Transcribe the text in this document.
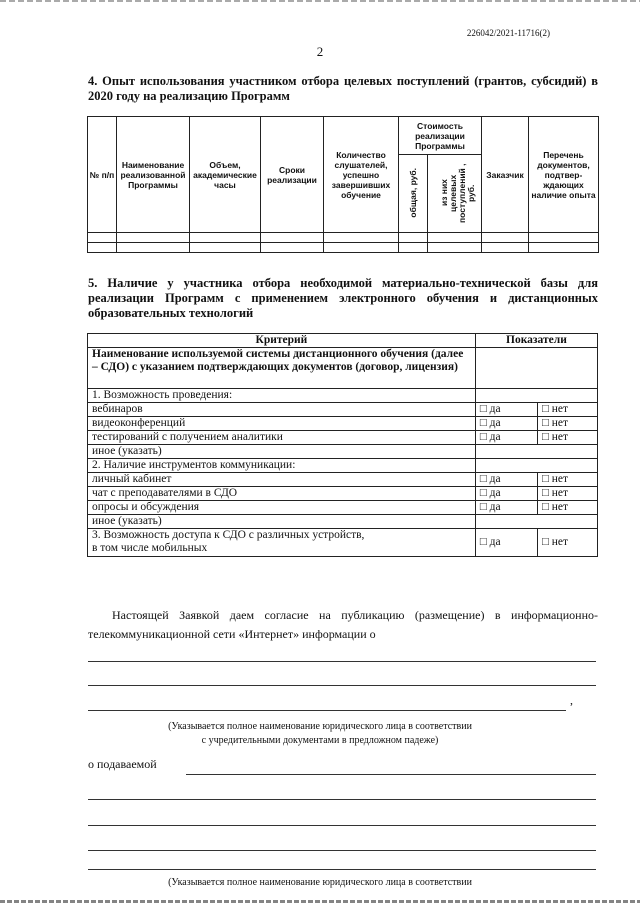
226042/2021-11716(2)
2
4. Опыт использования участником отбора целевых поступлений (грантов, субсидий) в 2020 году на реализацию Программ
№ п/п	Наименование реализованной Программы	Объем, академические часы	Сроки реализации	Количество слушателей, успешно завершивших обучение	Стоимость реализации Программы		Заказчик	Перечень документов, подтвер-ждающих наличие опыта
					общая, руб.	из них целевых поступлений , руб.		

5. Наличие у участника отбора необходимой материально-технической базы для реализации Программ с применением электронного обучения и дистанционных образовательных технологий
Критерий	Показатели	
Наименование используемой системы дистанционного обучения (далее – СДО) с указанием подтверждающих документов (договор, лицензия)		
1. Возможность проведения:		
вебинаров	□ да	□ нет
видеоконференций	□ да	□ нет
тестирований с получением аналитики	□ да	□ нет
иное (указать)		
2. Наличие инструментов коммуникации:		
личный кабинет	□ да	□ нет
чат с преподавателями в СДО	□ да	□ нет
опросы и обсуждения	□ да	□ нет
иное (указать)		
3. Возможность доступа к СДО с различных устройств,
в том числе мобильных	□ да	□ нет
Настоящей Заявкой даем согласие на публикацию (размещение) в информационно-телекоммуникационной сети «Интернет» информации о
,
(Указывается полное наименование юридического лица в соответствии
с учредительными документами в предложном падеже)
о подаваемой
(Указывается полное наименование юридического лица в соответствии
